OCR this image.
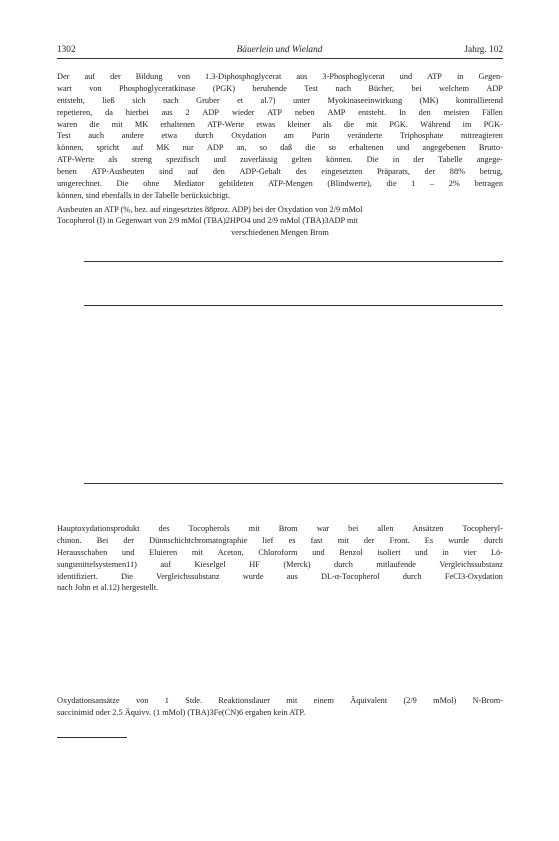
1302	Bäuerlein und Wieland	Jahrg. 102
Der auf der Bildung von 1.3-Diphosphoglycerat aus 3-Phosphoglycerat und ATP in Gegen-
wart von Phosphoglyceratkinase (PGK) beruhende Test nach Bücher, bei welchem ADP
entsteht, ließ sich nach Gruber et al.7) unter Myokinaseeinwirkung (MK) kontrollierend
repetieren, da hierbei aus 2 ADP wieder ATP neben AMP entsteht. In den meisten Fällen
waren die mit MK erhaltenen ATP-Werte etwas kleiner als die mit PGK. Während im PGK-
Test auch andere etwa durch Oxydation am Purin veränderte Triphosphate mitreagieren
können, spricht auf MK nur ADP an, so daß die so erhaltenen und angegebenen Brutto-
ATP-Werte als streng spezifisch und zuverlässig gelten können. Die in der Tabelle angege-
benen ATP-Ausbeuten sind auf den ADP-Gehalt des eingesetzten Präparats, der 88% betrug,
umgerechnet. Die ohne Mediator gebildeten ATP-Mengen (Blindwerte), die 1 – 2% betragen
können, sind ebenfalls in der Tabelle berücksichtigt.
Ausbeuten an ATP (%, bez. auf eingesetztes 88proz. ADP) bei der Oxydation von 2/9 mMol
Tocopherol (I) in Gegenwart von 2/9 mMol (TBA)2HPO4 und 2/9 mMol (TBA)3ADP mit
verschiedenen Mengen Brom
Hauptoxydationsprodukt des Tocopherols mit Brom war bei allen Ansätzen Tocopheryl-
chinon. Bei der Dünnschichtchromatographie lief es fast mit der Front. Es wurde durch
Herausschaben und Eluieren mit Aceton, Chloroform und Benzol isoliert und in vier Lö-
sungsmittelsystemen11)	auf	Kieselgel	HF	(Merck)	durch	mitlaufende	Vergleichssubstanz
identifiziert.	Die	Vergleichssubstanz	wurde	aus	DL-α-Tocopherol	durch	FeCl3-Oxydation
nach John et al.12) hergestellt.
Oxydationsansätze von 1 Stde. Reaktionsdauer mit einem Äquivalent (2/9 mMol) N-Brom-
succinimid oder 2.5 Äquivv. (1 mMol) (TBA)3Fe(CN)6 ergaben kein ATP.
